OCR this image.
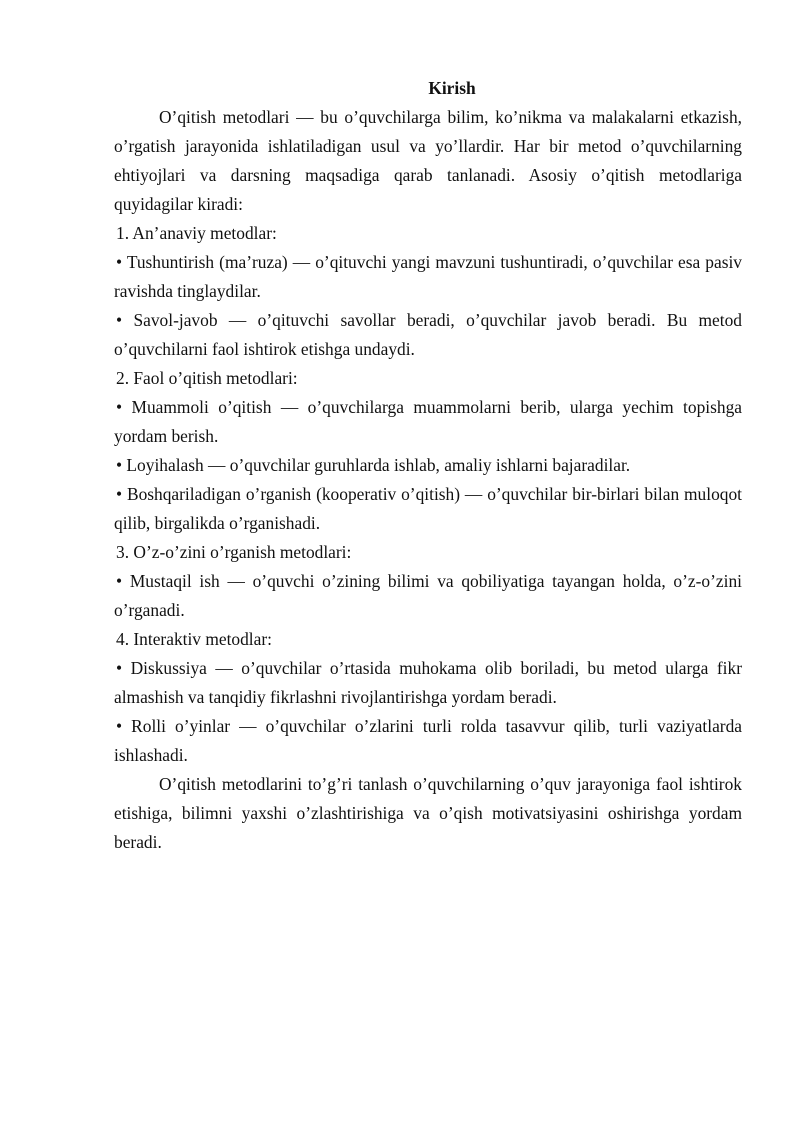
Kirish

O’qitish metodlari — bu o’quvchilarga bilim, ko’nikma va malakalarni etkazish, o’rgatish jarayonida ishlatiladigan usul va yo’llardir. Har bir metod o’quvchilarning ehtiyojlari va darsning maqsadiga qarab tanlanadi. Asosiy o’qitish metodlariga quyidagilar kiradi:

1. An’anaviy metodlar:

• Tushuntirish (ma’ruza) — o’qituvchi yangi mavzuni tushuntiradi, o’quvchilar esa pasiv ravishda tinglaydilar.

• Savol-javob — o’qituvchi savollar beradi, o’quvchilar javob beradi. Bu metod o’quvchilarni faol ishtirok etishga undaydi.

2. Faol o’qitish metodlari:

• Muammoli o’qitish — o’quvchilarga muammolarni berib, ularga yechim topishga yordam berish.

• Loyihalash — o’quvchilar guruhlarda ishlab, amaliy ishlarni bajaradilar.

• Boshqariladigan o’rganish (kooperativ o’qitish) — o’quvchilar bir-birlari bilan muloqot qilib, birgalikda o’rganishadi.

3. O’z-o’zini o’rganish metodlari:

• Mustaqil ish — o’quvchi o’zining bilimi va qobiliyatiga tayangan holda, o’z-o’zini o’rganadi.

4. Interaktiv metodlar:

• Diskussiya — o’quvchilar o’rtasida muhokama olib boriladi, bu metod ularga fikr almashish va tanqidiy fikrlashni rivojlantirishga yordam beradi.

• Rolli o’yinlar — o’quvchilar o’zlarini turli rolda tasavvur qilib, turli vaziyatlarda ishlashadi.

O’qitish metodlarini to’g’ri tanlash o’quvchilarning o’quv jarayoniga faol ishtirok etishiga, bilimni yaxshi o’zlashtirishiga va o’qish motivatsiyasini oshirishga yordam beradi.
